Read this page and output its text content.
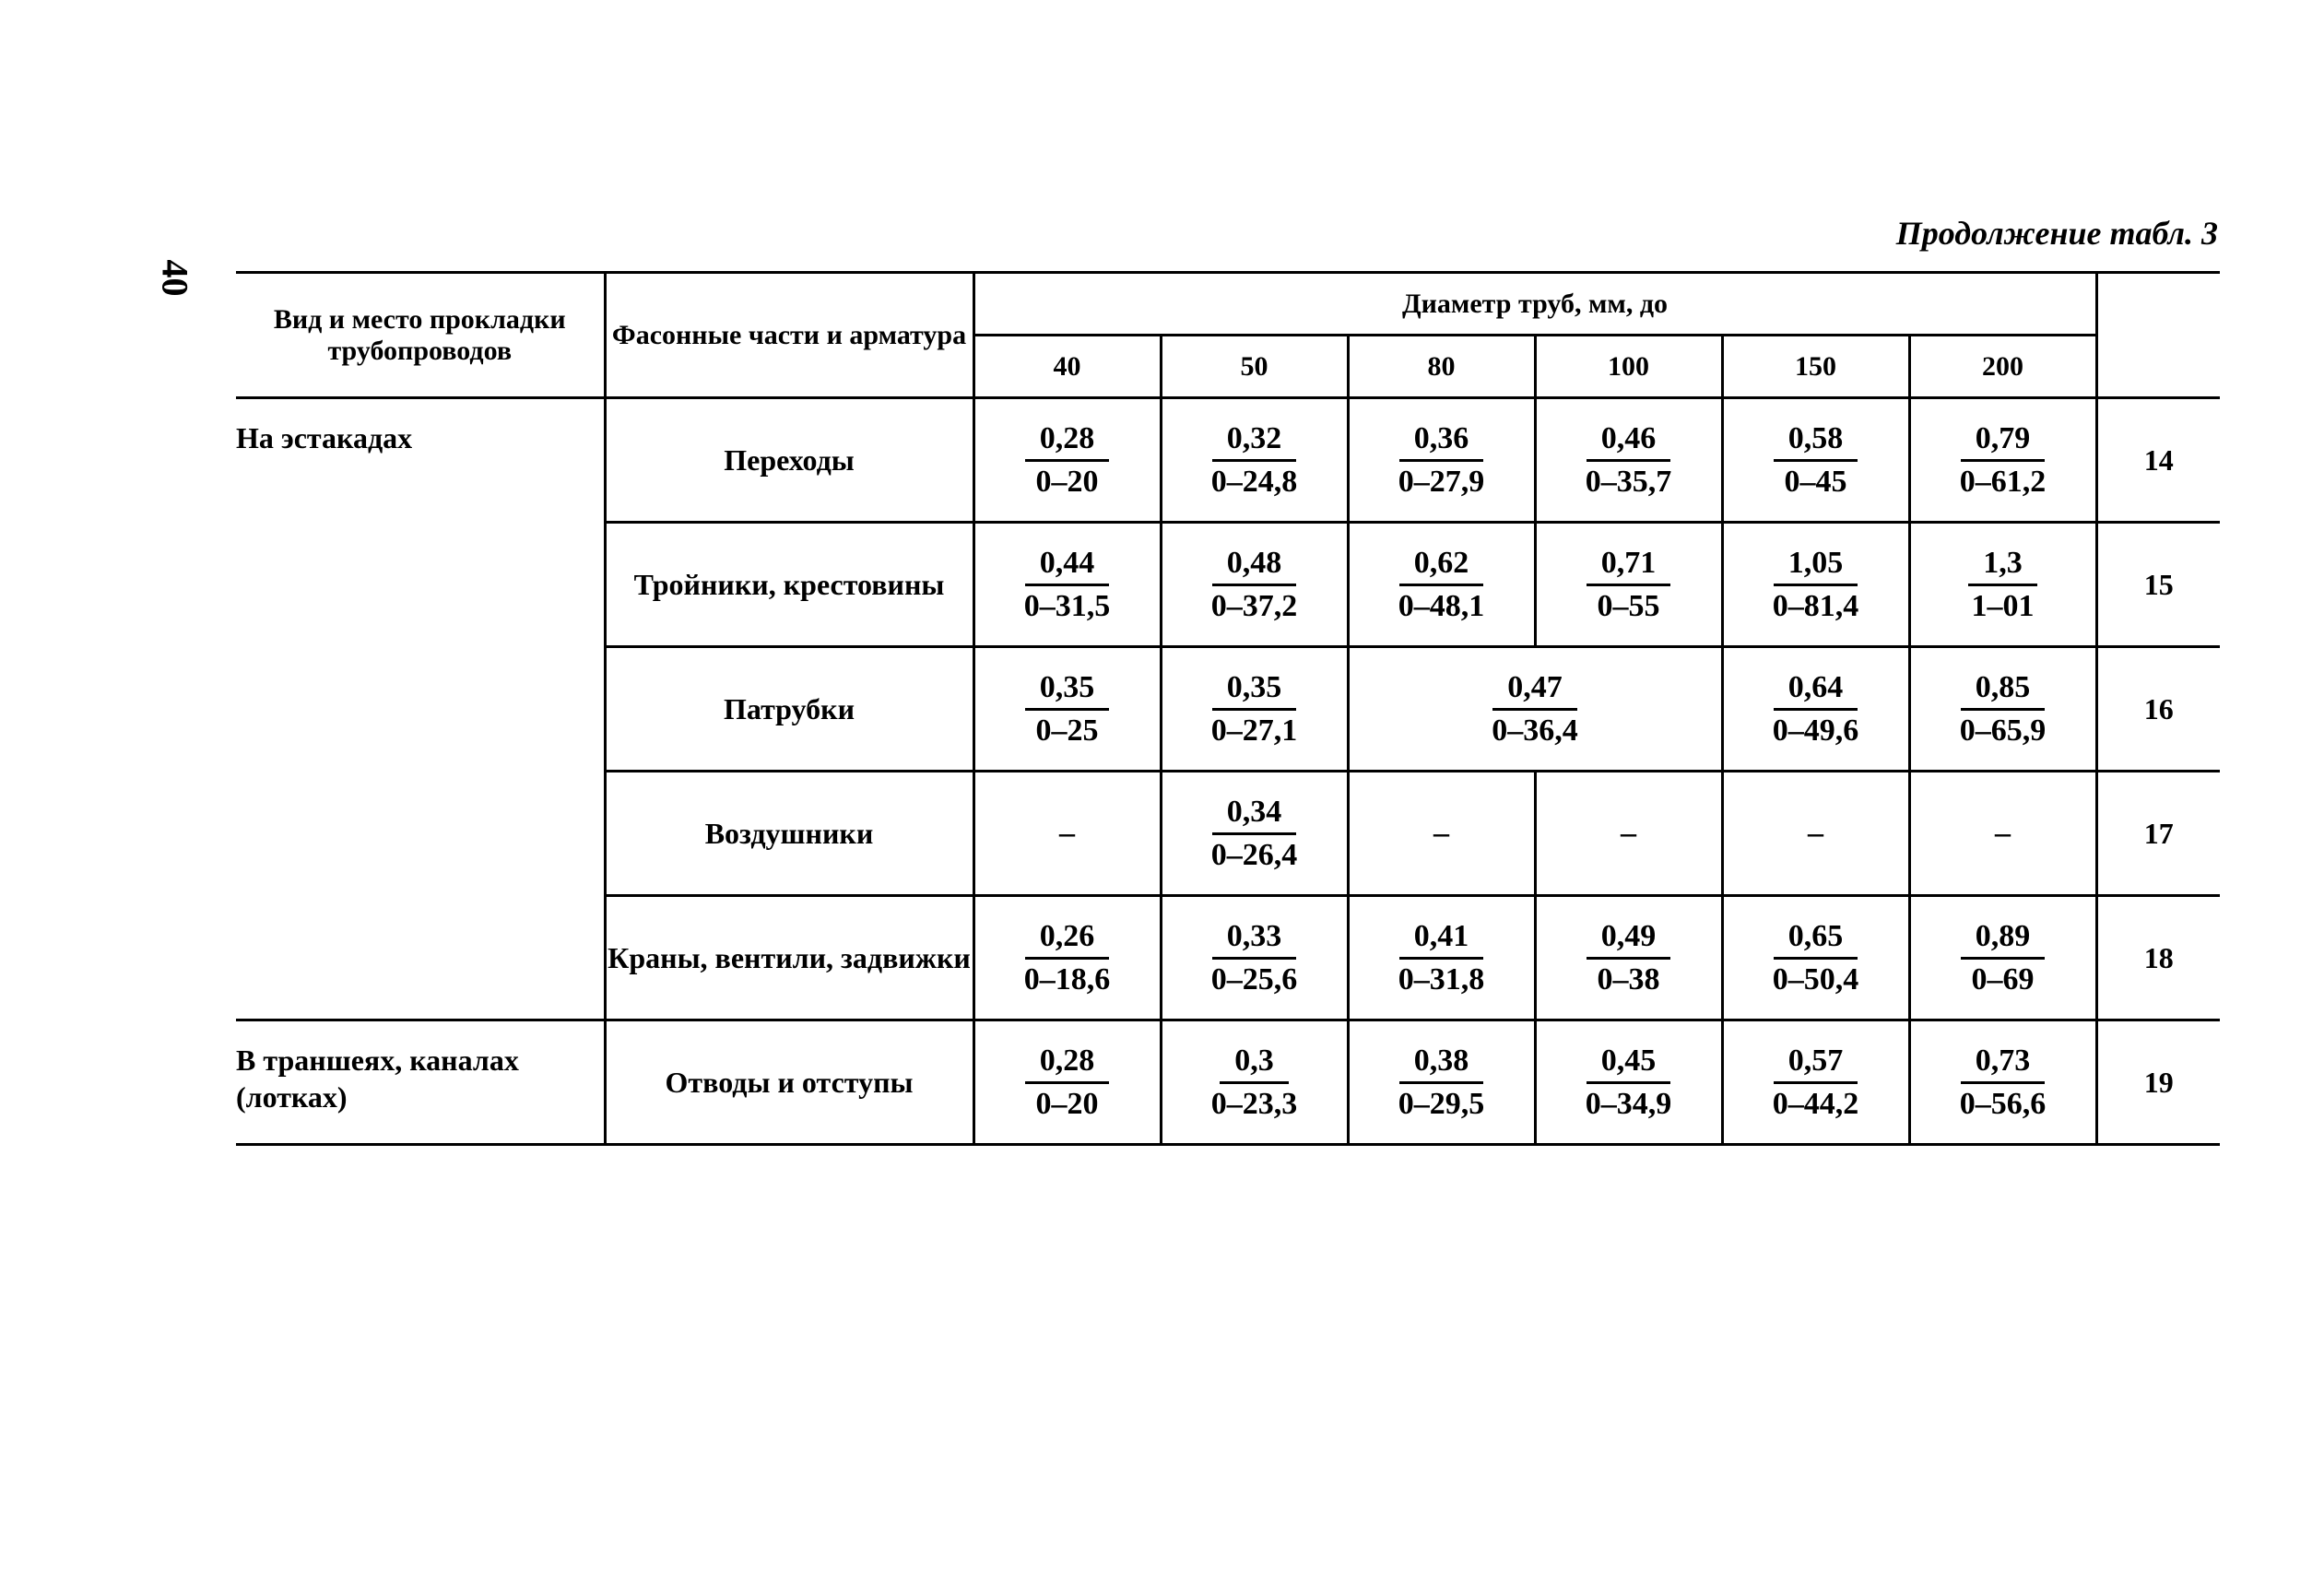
40
Продолжение табл. 3
Вид и место прокладки трубопроводов	Фасонные части и арматура	Диаметр труб, мм, до						
		40	50	80	100	150	200	
На эстакадах	Переходы	$\frac{0,28}{0-20}$	$\frac{0,32}{0-24,8}$	$\frac{0,36}{0-27,9}$	$\frac{0,46}{0-35,7}$	$\frac{0,58}{0-45}$	$\frac{0,79}{0-61,2}$	14
	Тройники, крестовины	$\frac{0,44}{0-31,5}$	$\frac{0,48}{0-37,2}$	$\frac{0,62}{0-48,1}$	$\frac{0,71}{0-55}$	$\frac{1,05}{0-81,4}$	$\frac{1,3}{1-01}$	15
	Патрубки	$\frac{0,35}{0-25}$	$\frac{0,35}{0-27,1}$	$\frac{0,47}{0-36,4}$		$\frac{0,64}{0-49,6}$	$\frac{0,85}{0-65,9}$	16
	Воздушники	–	$\frac{0,34}{0-26,4}$	–	–	–	–	17
	Краны, вентили, задвижки	$\frac{0,26}{0-18,6}$	$\frac{0,33}{0-25,6}$	$\frac{0,41}{0-31,8}$	$\frac{0,49}{0-38}$	$\frac{0,65}{0-50,4}$	$\frac{0,89}{0-69}$	18
В траншеях, каналах (лотках)	Отводы и отступы	$\frac{0,28}{0-20}$	$\frac{0,3}{0-23,3}$	$\frac{0,38}{0-29,5}$	$\frac{0,45}{0-34,9}$	$\frac{0,57}{0-44,2}$	$\frac{0,73}{0-56,6}$	19
